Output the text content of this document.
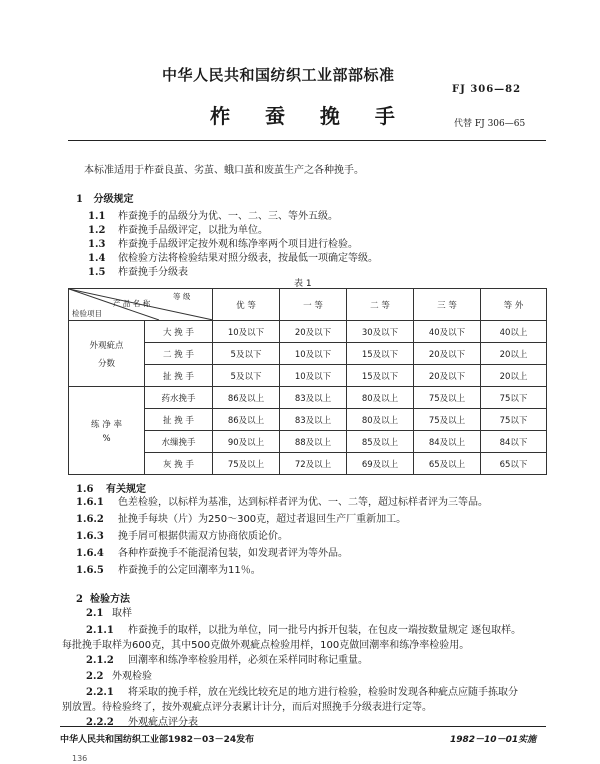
中华人民共和国纺织工业部部标准
FJ 306—82
柞 蚕 挽 手	代替 FJ 306—65
本标准适用于柞蚕良茧、劣茧、蛾口茧和废茧生产之各种挽手。
1 分级规定
1.1 柞蚕挽手的品级分为优、一、二、三、等外五级。
1.2 柞蚕挽手品级评定，以批为单位。
1.3 柞蚕挽手品级评定按外观和练净率两个项目进行检验。
1.4 依检验方法将检验结果对照分级表，按最低一项确定等级。
1.5 柞蚕挽手分级表
表 1
等 级
产 品 名 称
检验项目		优 等	一 等	二 等	三 等	等 外

外观疵点
分数	大 挽 手	10及以下	20及以下	30及以下	40及以下	40以上
	二 挽 手	5及以下	10及以下	15及以下	20及以下	20以上
	扯 挽 手	5及以下	10及以下	15及以下	20及以下	20以上

练 净 率
%	药水挽手	86及以上	83及以上	80及以上	75及以上	75以下
	扯 挽 手	86及以上	83及以上	80及以上	75及以上	75以下
	水缫挽手	90及以上	88及以上	85及以上	84及以上	84以下
	灰 挽 手	75及以上	72及以上	69及以上	65及以上	65以下
1.6 有关规定
1.6.1 色差检验，以标样为基准，达到标样者评为优、一、二等，超过标样者评为三等品。
1.6.2 扯挽手每块（片）为250～300克，超过者退回生产厂重新加工。
1.6.3 挽手屑可根据供需双方协商依质论价。
1.6.4 各种柞蚕挽手不能混淆包装，如发现者评为等外品。
1.6.5 柞蚕挽手的公定回潮率为11％。
2 检验方法
2.1 取样
2.1.1 柞蚕挽手的取样，以批为单位，同一批号内拆开包装，在包皮一端按数量规定 逐包取样。
每批挽手取样为600克，其中500克做外观疵点检验用样，100克做回潮率和练净率检验用。
2.1.2 回潮率和练净率检验用样，必须在采样同时称记重量。
2.2 外观检验
2.2.1 将采取的挽手样，放在光线比较充足的地方进行检验，检验时发现各种疵点应随手拣取分
别放置。待检验终了，按外观疵点评分表累计计分，而后对照挽手分级表进行定等。
2.2.2 外观疵点评分表
中华人民共和国纺织工业部1982－03－24发布	1982－10－01实施
136
